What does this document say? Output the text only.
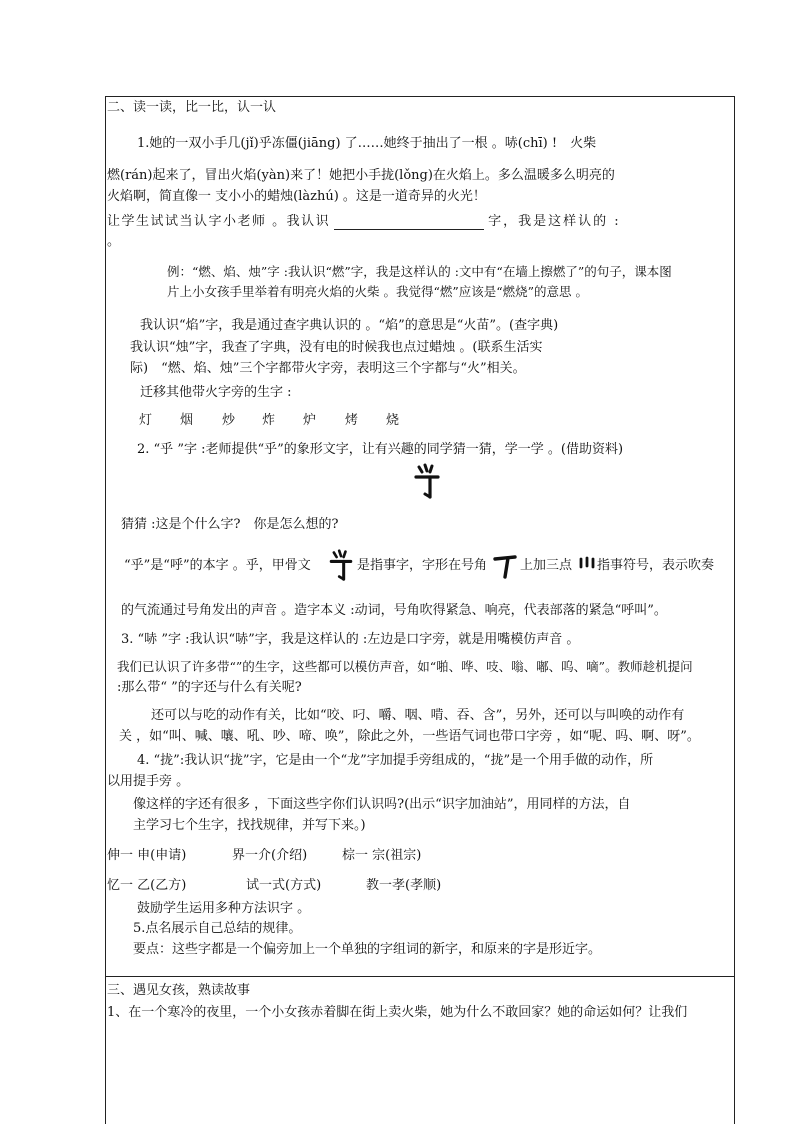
二、读一读，比一比，认一认
1.她的一双小手几(jǐ)乎冻僵(jiāng) 了……她终于抽出了一根 。哧(chī) !　火柴
燃(rán)起来了，冒出火焰(yàn)来了！她把小手拢(lǒng)在火焰上。多么温暖多么明亮的
火焰啊，简直像一 支小小的蜡烛(làzhú) 。这是一道奇异的火光！
让学生试试当认字小老师 。我认识	字，我是这样认的 :
。
例：“燃、焰、烛”字 :我认识“燃”字，我是这样认的 :文中有“在墙上擦燃了”的句子，课本图
片上小女孩手里举着有明亮火焰的火柴 。我觉得“燃”应该是“燃烧”的意思 。
我认识“焰”字，我是通过查字典认识的 。“焰”的意思是“火苗”。(查字典)
我认识“烛”字，我查了字典，没有电的时候我也点过蜡烛 。(联系生活实
际)　“燃、焰、烛”三个字都带火字旁，表明这三个字都与“火”相关。
迁移其他带火字旁的生字 :
灯 烟 炒 炸 炉 烤 烧
2. “乎 ”字 :老师提供“乎”的象形文字，让有兴趣的同学猜一猜，学一学 。(借助资料)
猜猜 :这是个什么字?　你是怎么想的?
“乎”是“呼”的本字 。乎，甲骨文	是指事字，字形在号角	上加三点 指事符号，表示吹奏
的气流通过号角发出的声音 。造字本义 :动词，号角吹得紧急、响亮，代表部落的紧急“呼叫”。
3. “哧 ”字 :我认识“哧”字，我是这样认的 :左边是口字旁，就是用嘴模仿声音 。
我们已认识了许多带“”的生字，这些都可以模仿声音，如“啪、哗、吱、嗡、嘟、呜、嘀”。教师趁机提问
:那么带“ ”的字还与什么有关呢?
还可以与吃的动作有关，比如“咬、叼、嚼、咽、啃、吞、含”，另外，还可以与叫唤的动作有
关 ，如“叫、喊、嚷、吼、吵、啼、唤”，除此之外，一些语气词也带口字旁 ，如“呢、吗、啊、呀”。
4. “拢”:我认识“拢”字，它是由一个“龙”字加提手旁组成的，“拢”是一个用手做的动作，所
以用提手旁 。
像这样的字还有很多 ，下面这些字你们认识吗?(出示“识字加油站”，用同样的方法，自
主学习七个生字，找找规律，并写下来。)
伸一 申(申请)	界一介(介绍)	棕一 宗(祖宗)
忆一 乙(乙方)	试一式(方式)	教一孝(孝顺)
鼓励学生运用多种方法识字 。
5.点名展示自己总结的规律。
要点：这些字都是一个偏旁加上一个单独的字组词的新字，和原来的字是形近字。
三、遇见女孩，熟读故事
1、在一个寒冷的夜里，一个小女孩赤着脚在街上卖火柴，她为什么不敢回家？她的命运如何？让我们
